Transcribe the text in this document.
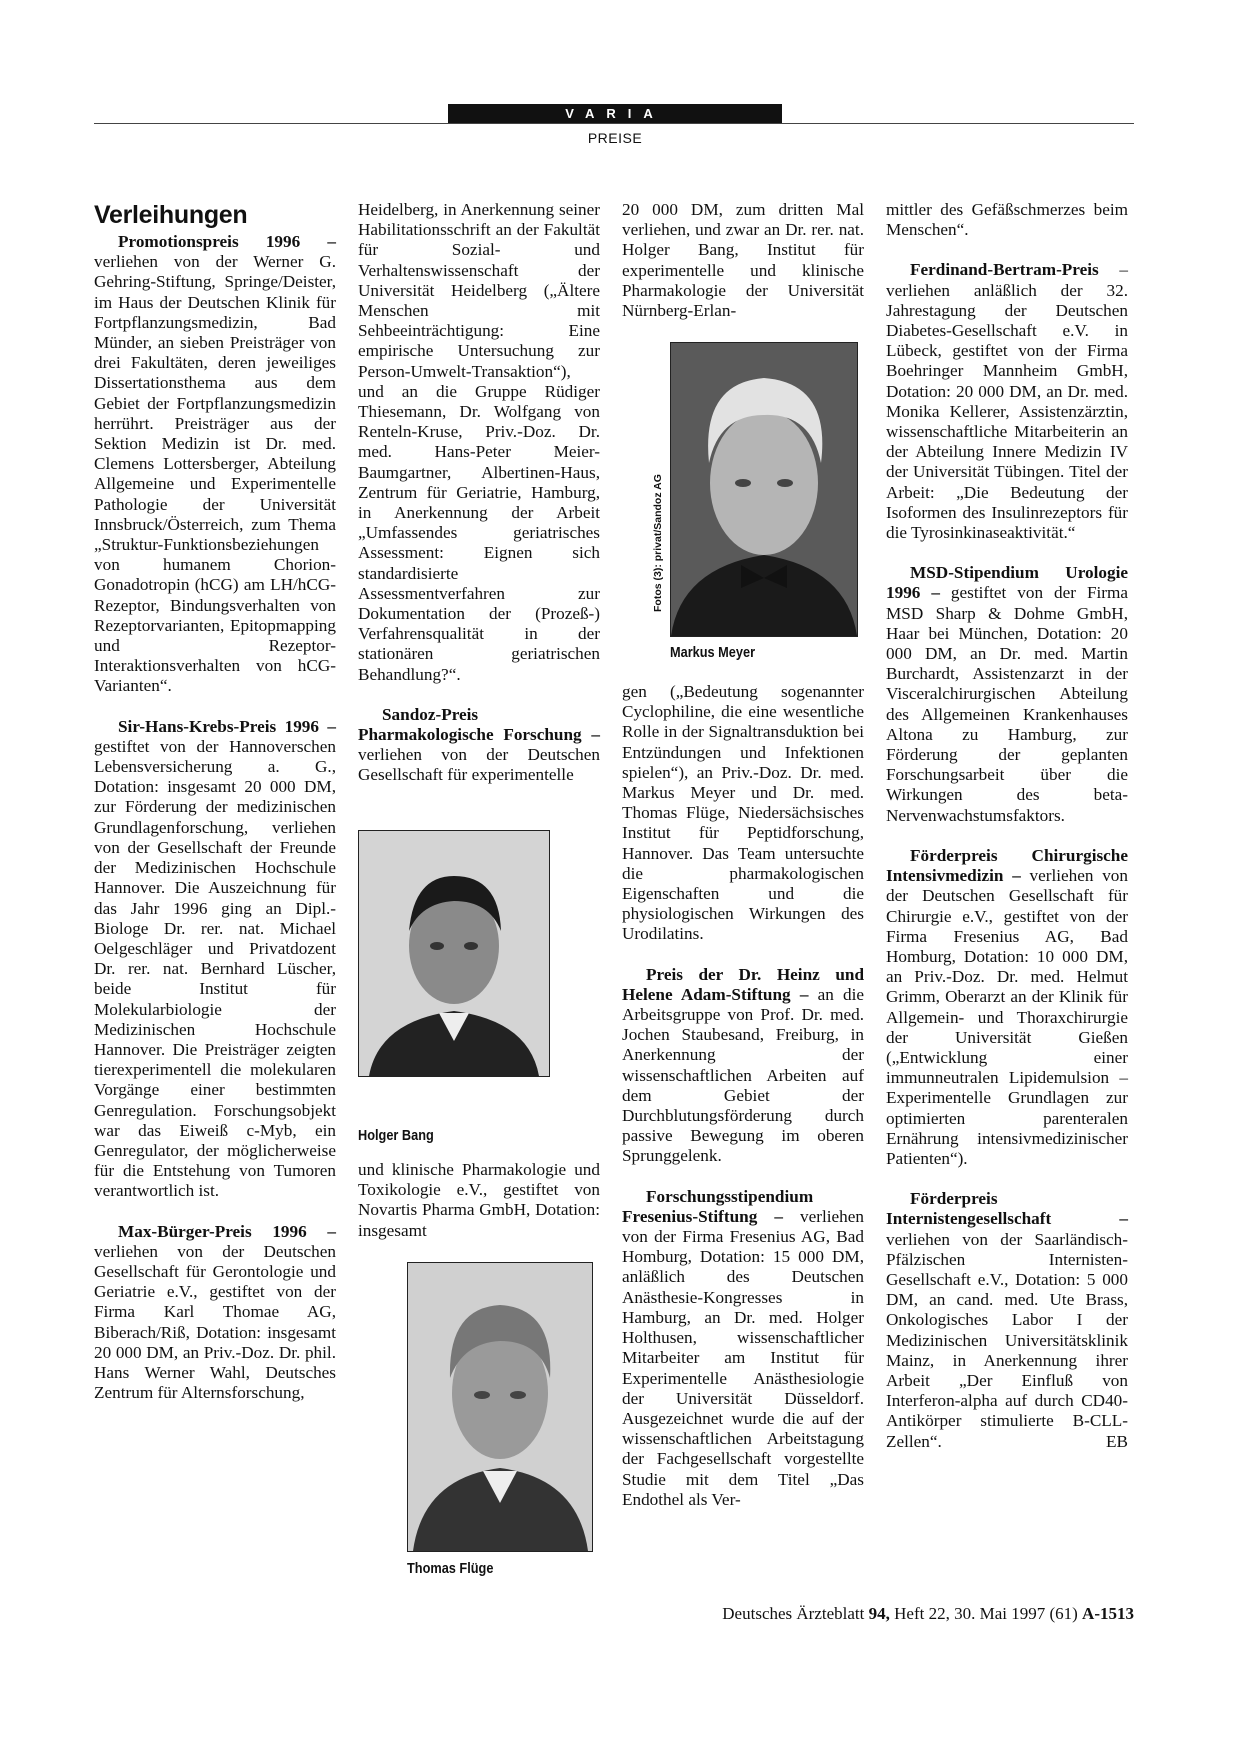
VARIA
PREISE
Verleihungen

Promotionspreis 1996 – verliehen von der Werner G. Gehring-Stiftung, Springe/Deister, im Haus der Deutschen Klinik für Fortpflanzungsmedizin, Bad Münder, an sieben Preisträger von drei Fakultäten, deren jeweiliges Dissertationsthema aus dem Gebiet der Fortpflanzungsmedizin herrührt. Preisträger aus der Sektion Medizin ist Dr. med. Clemens Lottersberger, Abteilung Allgemeine und Experimentelle Pathologie der Universität Innsbruck/Österreich, zum Thema „Struktur-Funktionsbeziehungen von humanem Chorion-Gonadotropin (hCG) am LH/hCG-Rezeptor, Bindungsverhalten von Rezeptorvarianten, Epitopmapping und Rezeptor-Interaktionsverhalten von hCG-Varianten“.

Sir-Hans-Krebs-Preis 1996 – gestiftet von der Hannoverschen Lebensversicherung a. G., Dotation: insgesamt 20 000 DM, zur Förderung der medizinischen Grundlagenforschung, verliehen von der Gesellschaft der Freunde der Medizinischen Hochschule Hannover. Die Auszeichnung für das Jahr 1996 ging an Dipl.-Biologe Dr. rer. nat. Michael Oelgeschläger und Privatdozent Dr. rer. nat. Bernhard Lüscher, beide Institut für Molekularbiologie der Medizinischen Hochschule Hannover. Die Preisträger zeigten tierexperimentell die molekularen Vorgänge einer bestimmten Genregulation. Forschungsobjekt war das Eiweiß c-Myb, ein Genregulator, der möglicherweise für die Entstehung von Tumoren verantwortlich ist.

Max-Bürger-Preis 1996 – verliehen von der Deutschen Gesellschaft für Gerontologie und Geriatrie e.V., gestiftet von der Firma Karl Thomae AG, Biberach/Riß, Dotation: insgesamt 20 000 DM, an Priv.-Doz. Dr. phil. Hans Werner Wahl, Deutsches Zentrum für Alternsforschung,

Heidelberg, in Anerkennung seiner Habilitationsschrift an der Fakultät für Sozial- und Verhaltenswissenschaft der Universität Heidelberg („Ältere Menschen mit Sehbeeinträchtigung: Eine empirische Untersuchung zur Person-Umwelt-Transaktion“), und an die Gruppe Rüdiger Thiesemann, Dr. Wolfgang von Renteln-Kruse, Priv.-Doz. Dr. med. Hans-Peter Meier-Baumgartner, Albertinen-Haus, Zentrum für Geriatrie, Hamburg, in Anerkennung der Arbeit „Umfassendes geriatrisches Assessment: Eignen sich standardisierte Assessmentverfahren zur Dokumentation der (Prozeß-) Verfahrensqualität in der stationären geriatrischen Behandlung?“.

Sandoz-Preis Pharmakologische Forschung – verliehen von der Deutschen Gesellschaft für experimentelle

Holger Bang

und klinische Pharmakologie und Toxikologie e.V., gestiftet von Novartis Pharma GmbH, Dotation: insgesamt

Thomas Flüge

20 000 DM, zum dritten Mal verliehen, und zwar an Dr. rer. nat. Holger Bang, Institut für experimentelle und klinische Pharmakologie der Universität Nürnberg-Erlan-

Fotos (3): privat/Sandoz AG
Markus Meyer

gen („Bedeutung sogenannter Cyclophiline, die eine wesentliche Rolle in der Signaltransduktion bei Entzündungen und Infektionen spielen“), an Priv.-Doz. Dr. med. Markus Meyer und Dr. med. Thomas Flüge, Niedersächsisches Institut für Peptidforschung, Hannover. Das Team untersuchte die pharmakologischen Eigenschaften und die physiologischen Wirkungen des Urodilatins.

Preis der Dr. Heinz und Helene Adam-Stiftung – an die Arbeitsgruppe von Prof. Dr. med. Jochen Staubesand, Freiburg, in Anerkennung der wissenschaftlichen Arbeiten auf dem Gebiet der Durchblutungsförderung durch passive Bewegung im oberen Sprunggelenk.

Forschungsstipendium Fresenius-Stiftung – verliehen von der Firma Fresenius AG, Bad Homburg, Dotation: 15 000 DM, anläßlich des Deutschen Anästhesie-Kongresses in Hamburg, an Dr. med. Holger Holthusen, wissenschaftlicher Mitarbeiter am Institut für Experimentelle Anästhesiologie der Universität Düsseldorf. Ausgezeichnet wurde die auf der wissenschaftlichen Arbeitstagung der Fachgesellschaft vorgestellte Studie mit dem Titel „Das Endothel als Ver-

mittler des Gefäßschmerzes beim Menschen“.

Ferdinand-Bertram-Preis – verliehen anläßlich der 32. Jahrestagung der Deutschen Diabetes-Gesellschaft e.V. in Lübeck, gestiftet von der Firma Boehringer Mannheim GmbH, Dotation: 20 000 DM, an Dr. med. Monika Kellerer, Assistenzärztin, wissenschaftliche Mitarbeiterin an der Abteilung Innere Medizin IV der Universität Tübingen. Titel der Arbeit: „Die Bedeutung der Isoformen des Insulinrezeptors für die Tyrosinkinaseaktivität.“

MSD-Stipendium Urologie 1996 – gestiftet von der Firma MSD Sharp & Dohme GmbH, Haar bei München, Dotation: 20 000 DM, an Dr. med. Martin Burchardt, Assistenzarzt in der Visceralchirurgischen Abteilung des Allgemeinen Krankenhauses Altona zu Hamburg, zur Förderung der geplanten Forschungsarbeit über die Wirkungen des beta-Nervenwachstumsfaktors.

Förderpreis Chirurgische Intensivmedizin – verliehen von der Deutschen Gesellschaft für Chirurgie e.V., gestiftet von der Firma Fresenius AG, Bad Homburg, Dotation: 10 000 DM, an Priv.-Doz. Dr. med. Helmut Grimm, Oberarzt an der Klinik für Allgemein- und Thoraxchirurgie der Universität Gießen („Entwicklung einer immunneutralen Lipidemulsion – Experimentelle Grundlagen zur optimierten parenteralen Ernährung intensivmedizinischer Patienten“).

Förderpreis Internistengesellschaft – verliehen von der Saarländisch-Pfälzischen Internisten-Gesellschaft e.V., Dotation: 5 000 DM, an cand. med. Ute Brass, Onkologisches Labor I der Medizinischen Universitätsklinik Mainz, in Anerkennung ihrer Arbeit „Der Einfluß von Interferon-alpha auf durch CD40-Antikörper stimulierte B-CLL-Zellen“.	EB

Deutsches Ärzteblatt 94, Heft 22, 30. Mai 1997 (61) A-1513
